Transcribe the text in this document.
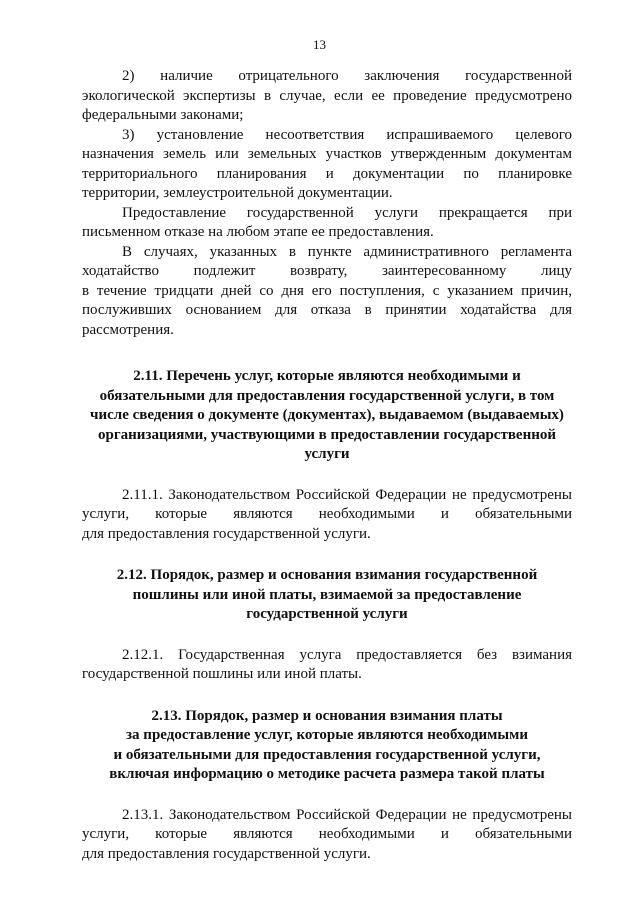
13
2) наличие отрицательного заключения государственной
экологической экспертизы в случае, если ее проведение предусмотрено
федеральными законами;
3) установление несоответствия испрашиваемого целевого
назначения земель или земельных участков утвержденным документам
территориального планирования и документации по планировке
территории, землеустроительной документации.
Предоставление государственной услуги прекращается при
письменном отказе на любом этапе ее предоставления.
В случаях, указанных в пункте административного регламента
ходатайство подлежит возврату, заинтересованному лицу
в течение тридцати дней со дня его поступления, с указанием причин,
послуживших основанием для отказа в принятии ходатайства для
рассмотрения.
2.11. Перечень услуг, которые являются необходимыми и
обязательными для предоставления государственной услуги, в том
числе сведения о документе (документах), выдаваемом (выдаваемых)
организациями, участвующими в предоставлении государственной
услуги
2.11.1. Законодательством Российской Федерации не предусмотрены
услуги, которые являются необходимыми и обязательными
для предоставления государственной услуги.
2.12. Порядок, размер и основания взимания государственной
пошлины или иной платы, взимаемой за предоставление
государственной услуги
2.12.1. Государственная услуга предоставляется без взимания
государственной пошлины или иной платы.
2.13. Порядок, размер и основания взимания платы
за предоставление услуг, которые являются необходимыми
и обязательными для предоставления государственной услуги,
включая информацию о методике расчета размера такой платы
2.13.1. Законодательством Российской Федерации не предусмотрены
услуги, которые являются необходимыми и обязательными
для предоставления государственной услуги.
